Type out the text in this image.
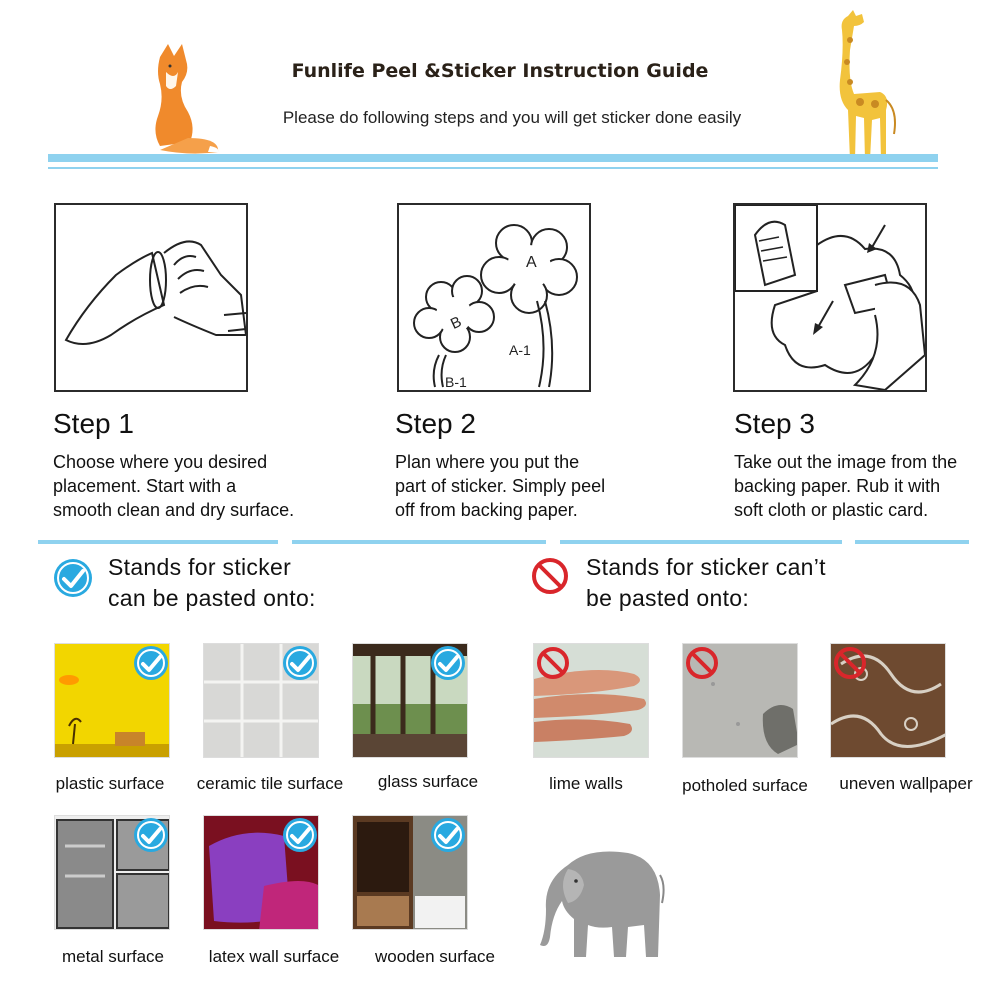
Funlife Peel &Sticker Instruction Guide
Please do following steps and you will get sticker done easily
A
B
A-1
B-1
Step 1
Choose where you desired
placement. Start with a
smooth clean and dry surface.
Step 2
Plan where you put the
part of sticker. Simply peel
off from backing paper.
Step 3
Take out the image from the
backing paper. Rub it with
soft cloth or plastic card.
Stands for sticker
can be pasted onto:
Stands for sticker can’t
be pasted onto:
plastic surface	ceramic tile surface	glass surface
metal surface	latex wall surface	wooden surface
lime walls	potholed surface	uneven wallpaper
